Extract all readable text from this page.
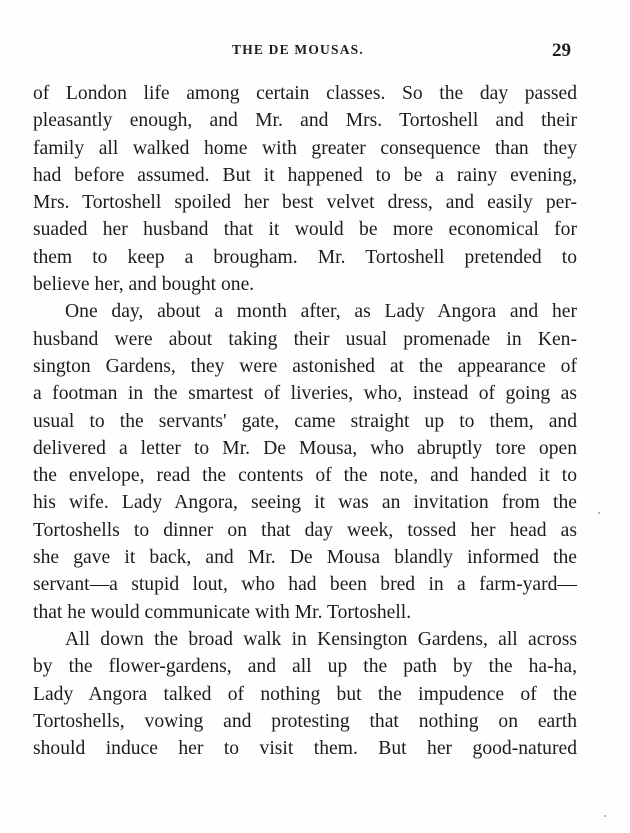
THE DE MOUSAS.	29
of London life among certain classes. So the day passed
pleasantly enough, and Mr. and Mrs. Tortoshell and their
family all walked home with greater consequence than they
had before assumed. But it happened to be a rainy evening,
Mrs. Tortoshell spoiled her best velvet dress, and easily per-
suaded her husband that it would be more economical for
them to keep a brougham. Mr. Tortoshell pretended to
believe her, and bought one.
One day, about a month after, as Lady Angora and her
husband were about taking their usual promenade in Ken-
sington Gardens, they were astonished at the appearance of
a footman in the smartest of liveries, who, instead of going as
usual to the servants' gate, came straight up to them, and
delivered a letter to Mr. De Mousa, who abruptly tore open
the envelope, read the contents of the note, and handed it to
his wife. Lady Angora, seeing it was an invitation from the
Tortoshells to dinner on that day week, tossed her head as
she gave it back, and Mr. De Mousa blandly informed the
servant—a stupid lout, who had been bred in a farm-yard—
that he would communicate with Mr. Tortoshell.
All down the broad walk in Kensington Gardens, all across
by the flower-gardens, and all up the path by the ha-ha,
Lady Angora talked of nothing but the impudence of the
Tortoshells, vowing and protesting that nothing on earth
should induce her to visit them. But her good-natured
